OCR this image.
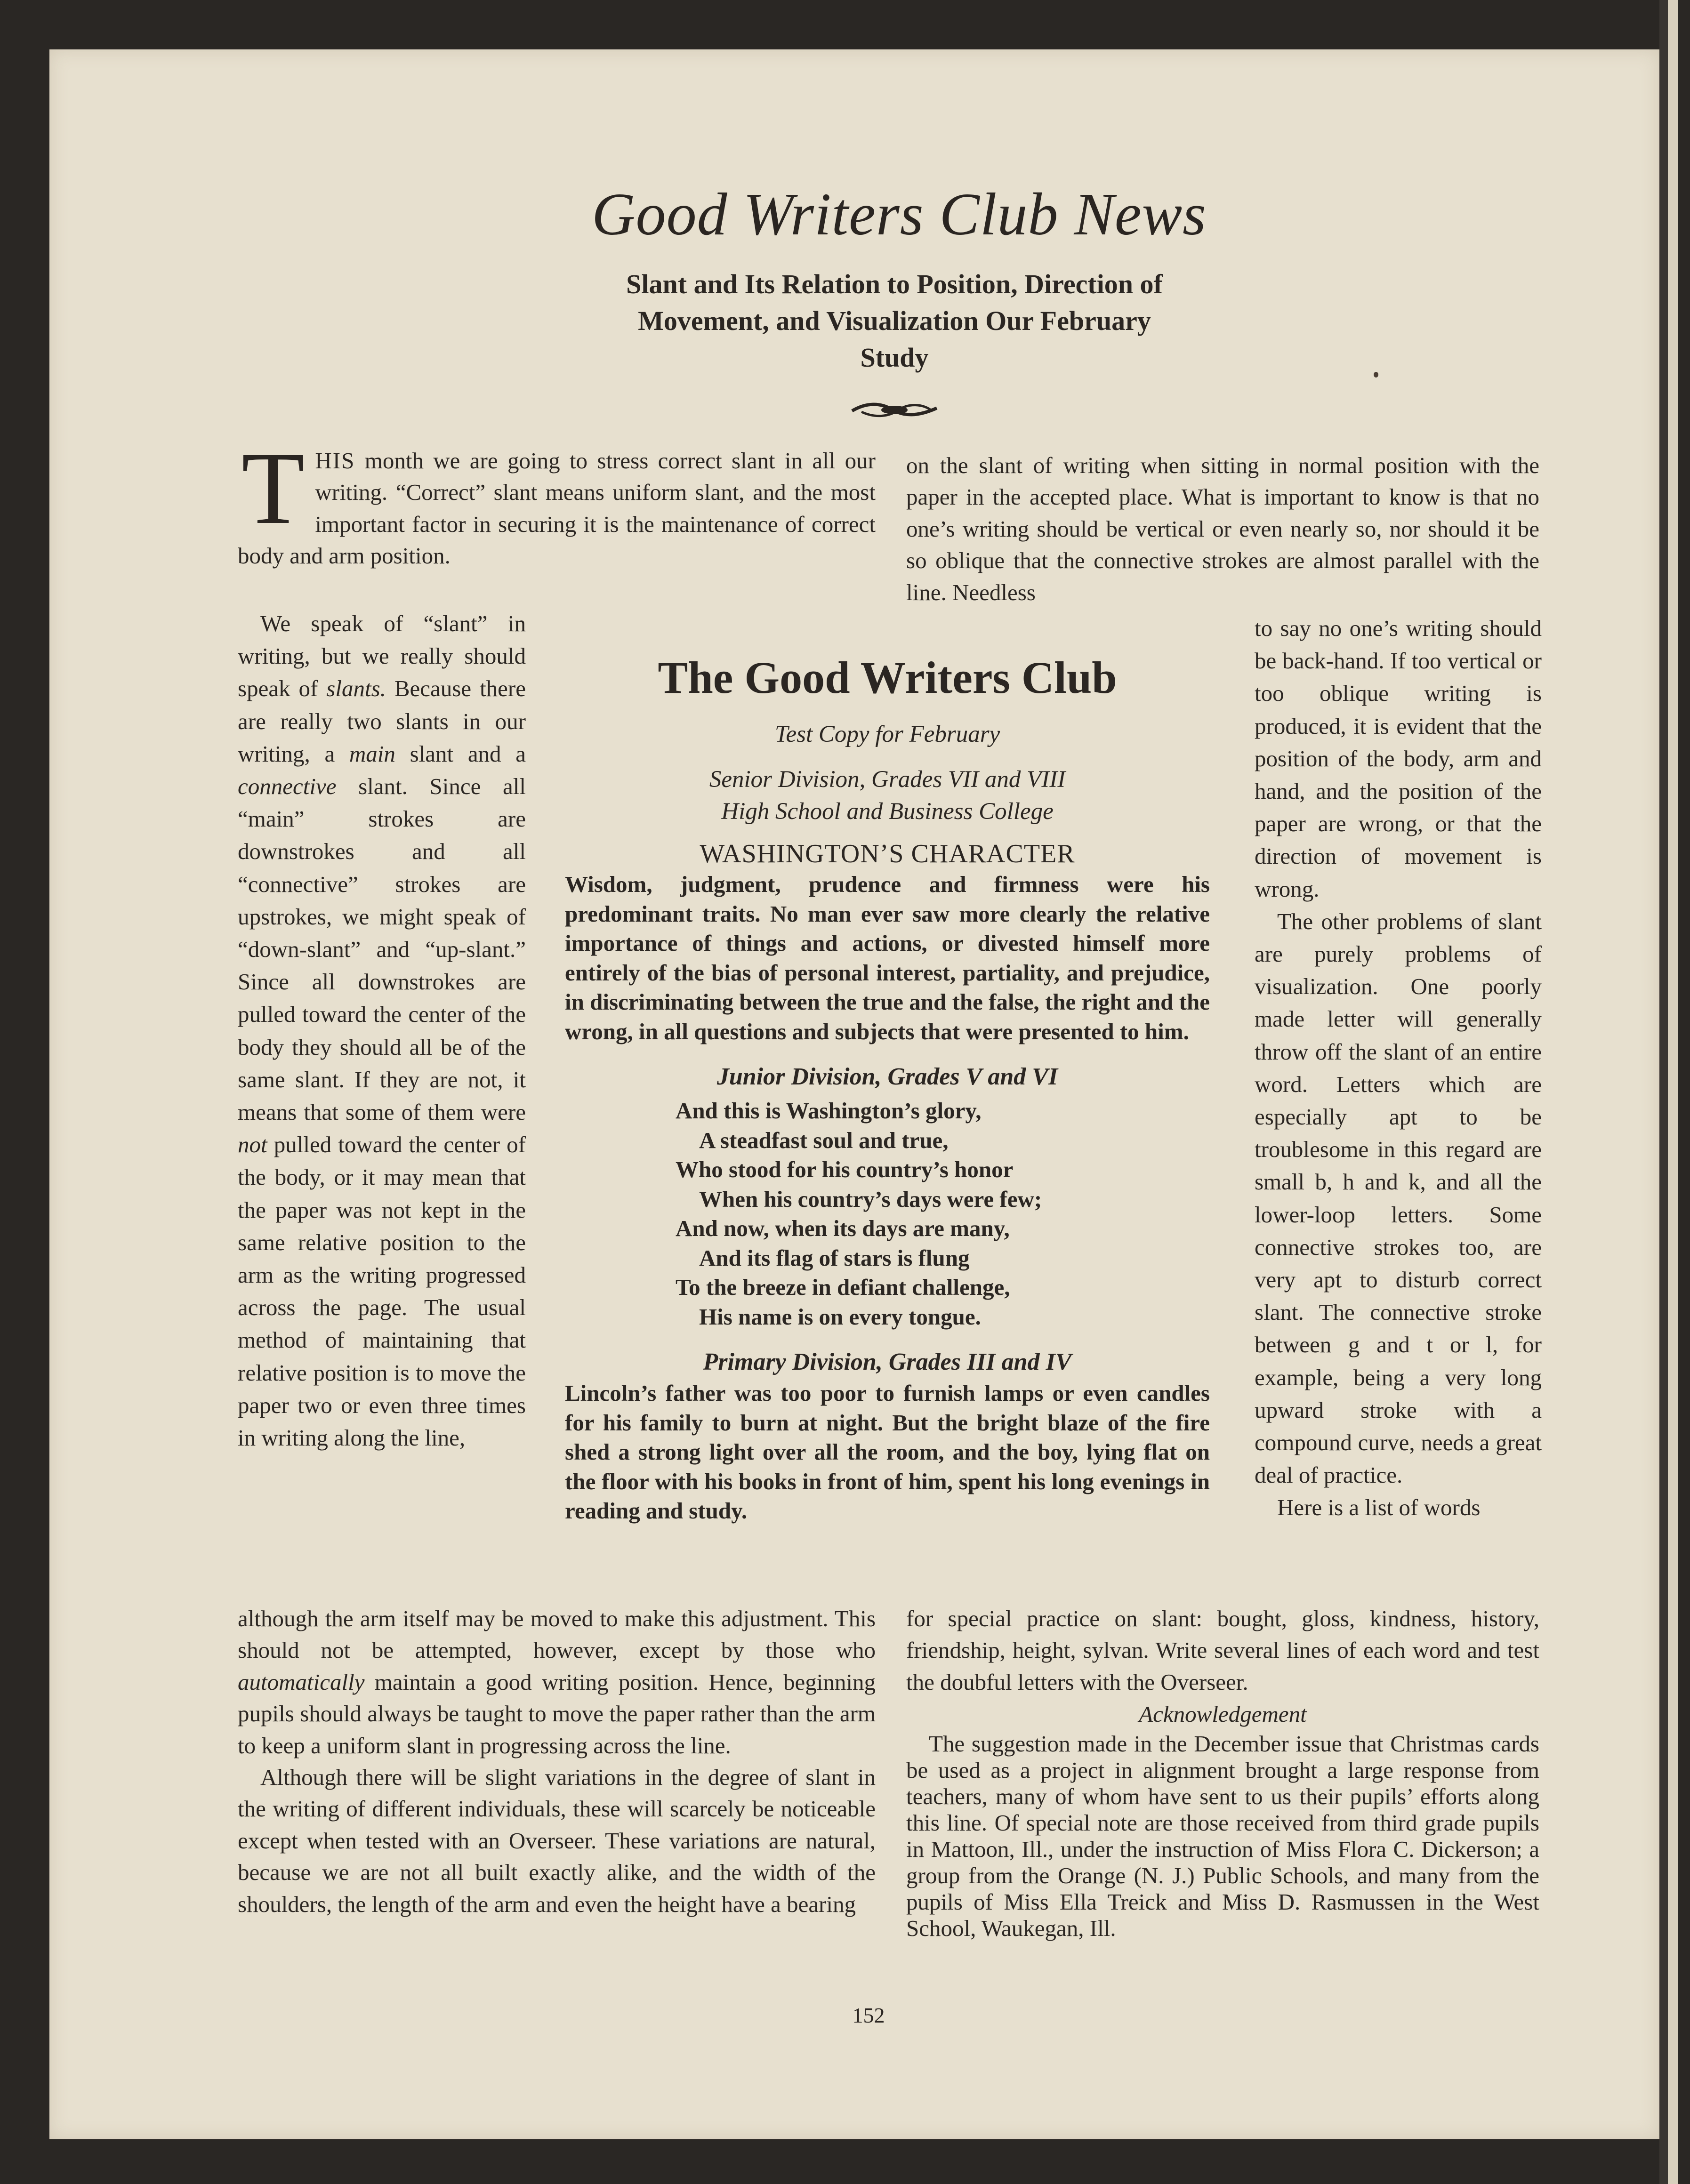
Good Writers Club News
Slant and Its Relation to Position, Direction of Movement, and Visualization Our February Study

THIS month we are going to stress correct slant in all our writing. “Correct” slant means uniform slant, and the most important factor in securing it is the maintenance of correct body and arm position.

on the slant of writing when sitting in normal position with the paper in the accepted place. What is important to know is that no one’s writing should be vertical or even nearly so, nor should it be so oblique that the connective strokes are almost parallel with the line. Needless

We speak of “slant” in writing, but we really should speak of slants. Because there are really two slants in our writing, a main slant and a connective slant. Since all “main” strokes are downstrokes and all “connective” strokes are upstrokes, we might speak of “down-slant” and “up-slant.” Since all downstrokes are pulled toward the center of the body they should all be of the same slant. If they are not, it means that some of them were not pulled toward the center of the body, or it may mean that the paper was not kept in the same relative position to the arm as the writing progressed across the page. The usual method of maintaining that relative position is to move the paper two or even three times in writing along the line,

The Good Writers Club
Test Copy for February
Senior Division, Grades VII and VIII
High School and Business College
WASHINGTON’S CHARACTER

Wisdom, judgment, prudence and firmness were his predominant traits. No man ever saw more clearly the relative importance of things and actions, or divested himself more entirely of the bias of personal interest, partiality, and prejudice, in discriminating between the true and the false, the right and the wrong, in all questions and subjects that were presented to him.

Junior Division, Grades V and VI
And this is Washington’s glory,
A steadfast soul and true,
Who stood for his country’s honor
When his country’s days were few;
And now, when its days are many,
And its flag of stars is flung
To the breeze in defiant challenge,
His name is on every tongue.
Primary Division, Grades III and IV

Lincoln’s father was too poor to furnish lamps or even candles for his family to burn at night. But the bright blaze of the fire shed a strong light over all the room, and the boy, lying flat on the floor with his books in front of him, spent his long evenings in reading and study.

to say no one’s writing should be back-hand. If too vertical or too oblique writing is produced, it is evident that the position of the body, arm and hand, and the position of the paper are wrong, or that the direction of movement is wrong.

The other problems of slant are purely problems of visualization. One poorly made letter will generally throw off the slant of an entire word. Letters which are especially apt to be troublesome in this regard are small b, h and k, and all the lower-loop letters. Some connective strokes too, are very apt to disturb correct slant. The connective stroke between g and t or l, for example, being a very long upward stroke with a compound curve, needs a great deal of practice.

Here is a list of words

although the arm itself may be moved to make this adjustment. This should not be attempted, however, except by those who automatically maintain a good writing position. Hence, beginning pupils should always be taught to move the paper rather than the arm to keep a uniform slant in progressing across the line.

Although there will be slight variations in the degree of slant in the writing of different individuals, these will scarcely be noticeable except when tested with an Overseer. These variations are natural, because we are not all built exactly alike, and the width of the shoulders, the length of the arm and even the height have a bearing

for special practice on slant: bought, gloss, kindness, history, friendship, height, sylvan. Write several lines of each word and test the doubful letters with the Overseer.

Acknowledgement

The suggestion made in the December issue that Christmas cards be used as a project in alignment brought a large response from teachers, many of whom have sent to us their pupils’ efforts along this line. Of special note are those received from third grade pupils in Mattoon, Ill., under the instruction of Miss Flora C. Dickerson; a group from the Orange (N. J.) Public Schools, and many from the pupils of Miss Ella Treick and Miss D. Rasmussen in the West School, Waukegan, Ill.

152
